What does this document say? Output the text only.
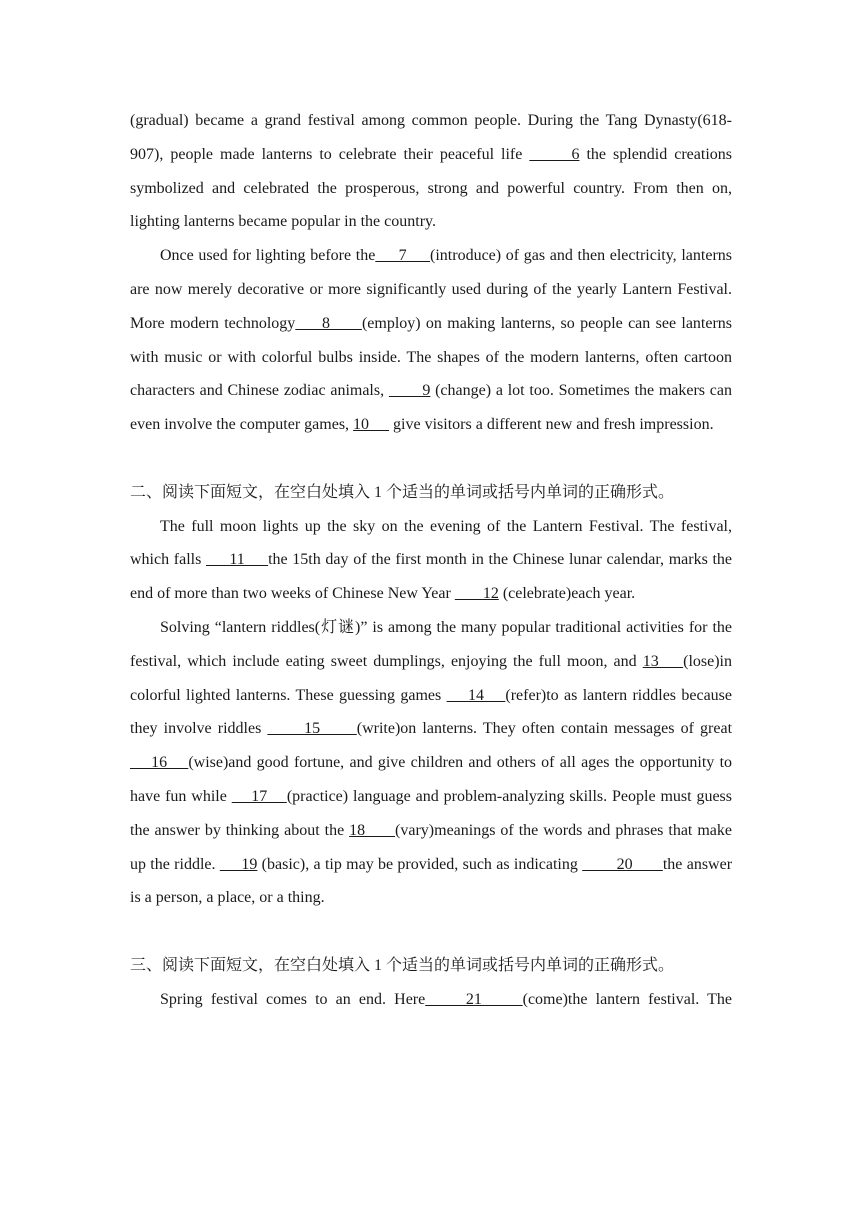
(gradual) became a grand festival among common people. During the Tang Dynasty(618-907), people made lanterns to celebrate their peaceful life       6 the splendid creations symbolized and celebrated the prosperous, strong and powerful country. From then on, lighting lanterns became popular in the country.

Once used for lighting before the     7     (introduce) of gas and then electricity, lanterns are now merely decorative or more significantly used during of the yearly Lantern Festival. More modern technology     8      (employ) on making lanterns, so people can see lanterns with music or with colorful bulbs inside. The shapes of the modern lanterns, often cartoon characters and Chinese zodiac animals,        9 (change) a lot too. Sometimes the makers can even involve the computer games, 10      give visitors a different new and fresh impression.

二、阅读下面短文，在空白处填入 1 个适当的单词或括号内单词的正确形式。

The full moon lights up the sky on the evening of the Lantern Festival. The festival, which falls      11     the 15th day of the first month in the Chinese lunar calendar, marks the end of more than two weeks of Chinese New Year        12 (celebrate)each year.

Solving “lantern riddles(灯谜)” is among the many popular traditional activities for the festival, which include eating sweet dumplings, enjoying the full moon, and 13    (lose)in colorful lighted lanterns. These guessing games     14    (refer)to as lantern riddles because they involve riddles       15      (write)on lanterns. They often contain messages of great     16    (wise)and good fortune, and give children and others of all ages the opportunity to have fun while     17    (practice) language and problem-analyzing skills. People must guess the answer by thinking about the 18      (vary)meanings of the words and phrases that make up the riddle.      19 (basic), a tip may be provided, such as indicating         20       the answer is a person, a place, or a thing.

三、阅读下面短文，在空白处填入 1 个适当的单词或括号内单词的正确形式。

Spring festival comes to an end. Here     21     (come)the lantern festival. The
